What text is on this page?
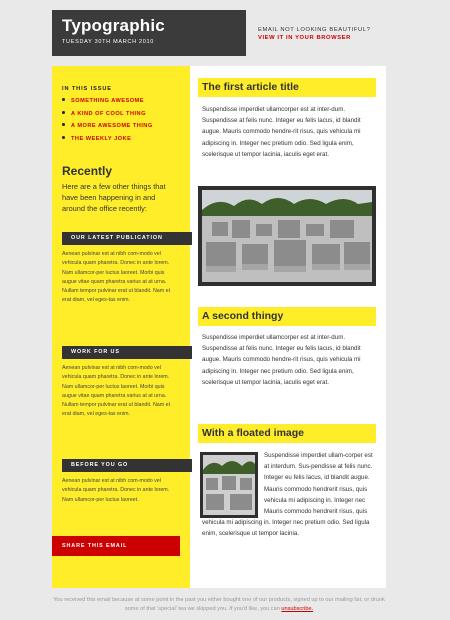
Typographic
TUESDAY 30TH MARCH 2010
EMAIL NOT LOOKING BEAUTIFUL?
VIEW IT IN YOUR BROWSER
IN THIS ISSUE
SOMETHING AWESOME
A KIND OF COOL THING
A MORE AWESOME THING
THE WEEKLY JOKE
Recently
Here are a few other things that have been happening in and around the office recently:
OUR LATEST PUBLICATION
Aenean pulvinar est at nibh com-modo vel vehicula quam pharetra. Donec in ante lorem. Nam ullamcor-per luctus laoreet. Morbi quis augue vitae quam pharetra varius at at urna. Nullam tempor pulvinar erat ut blandit. Nam et erat diam, vel eges-tas enim.
WORK FOR US
Aenean pulvinar est at nibh com-modo vel vehicula quam pharetra. Donec in ante lorem. Nam ullamcor-per luctus laoreet. Morbi quis augue vitae quam pharetra varius at at urna. Nullam tempor pulvinar erat ut blandit. Nam et erat diam, vel eges-tas enim.
BEFORE YOU GO
Aenean pulvinar est at nibh com-modo vel vehicula quam pharetra. Donec in ante lorem. Nam ullamcor-per luctus laoreet.
SHARE THIS EMAIL
The first article title
Suspendisse imperdiet ullamcorper est at inter-dum. Suspendisse at felis nunc. Integer eu felis lacus, id blandit augue. Mauris commodo hendre-rit risus, quis vehicula mi adipiscing in. Integer nec pretium odio. Sed ligula enim, scelerisque ut tempor lacinia, iaculis eget erat.
A second thingy
Suspendisse imperdiet ullamcorper est at inter-dum. Suspendisse at felis nunc. Integer eu felis lacus, id blandit augue. Mauris commodo hendre-rit risus, quis vehicula mi adipiscing in. Integer nec pretium odio. Sed ligula enim, scelerisque ut tempor lacinia, iaculis eget erat.
With a floated image
Suspendisse imperdiet ullam-corper est at interdum. Sus-pendisse at felis nunc. Integer eu felis lacus, id blandit augue. Mauris commodo hendrerit risus, quis vehicula mi adipiscing in. Integer nec Mauris commodo hendrerit risus, quis vehicula mi adipiscing in. Integer nec pretium odio. Sed ligula enim, scelerisque ut tempor lacinia.
You received this email because at some point in the past you either bought one of our products, signed up to our mailing list, or drunk some of that 'special' tea we skipped you. If you'd like, you can unsubscribe.
